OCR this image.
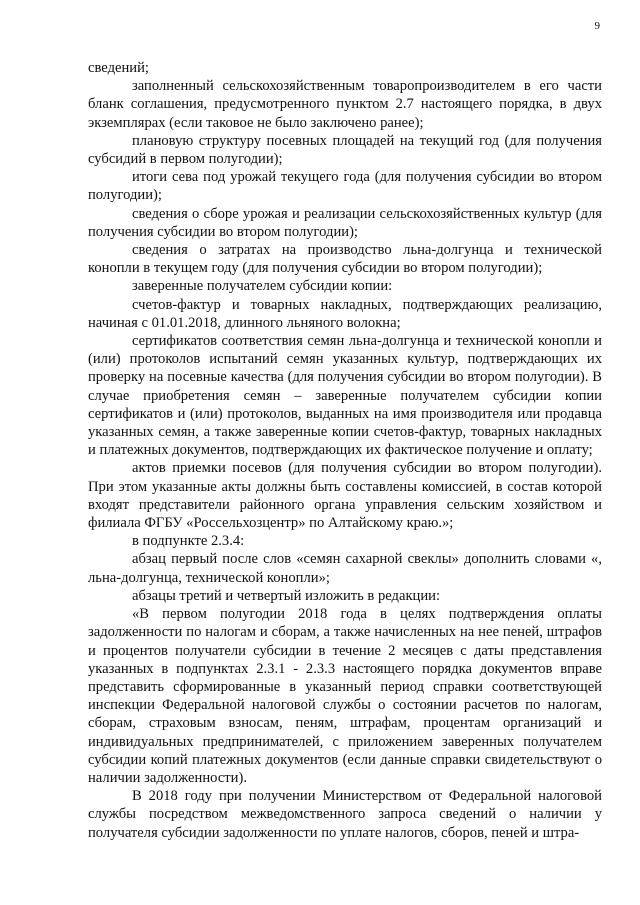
9

сведений;

заполненный сельскохозяйственным товаропроизводителем в его части бланк соглашения, предусмотренного пунктом 2.7 настоящего порядка, в двух экземплярах (если таковое не было заключено ранее);

плановую структуру посевных площадей на текущий год (для получения субсидий в первом полугодии);

итоги сева под урожай текущего года (для получения субсидии во втором полугодии);

сведения о сборе урожая и реализации сельскохозяйственных культур (для получения субсидии во втором полугодии);

сведения о затратах на производство льна-долгунца и технической конопли в текущем году (для получения субсидии во втором полугодии);

заверенные получателем субсидии копии:

счетов-фактур и товарных накладных, подтверждающих реализацию, начиная с 01.01.2018, длинного льняного волокна;

сертификатов соответствия семян льна-долгунца и технической конопли и (или) протоколов испытаний семян указанных культур, подтверждающих их проверку на посевные качества (для получения субсидии во втором полугодии). В случае приобретения семян – заверенные получателем субсидии копии сертификатов и (или) протоколов, выданных на имя производителя или продавца указанных семян, а также заверенные копии счетов-фактур, товарных накладных и платежных документов, подтверждающих их фактическое получение и оплату;

актов приемки посевов (для получения субсидии во втором полугодии). При этом указанные акты должны быть составлены комиссией, в состав которой входят представители районного органа управления сельским хозяйством и филиала ФГБУ «Россельхозцентр» по Алтайскому краю.»;

в подпункте 2.3.4:

абзац первый после слов «семян сахарной свеклы» дополнить словами «, льна-долгунца, технической конопли»;

абзацы третий и четвертый изложить в редакции:

«В первом полугодии 2018 года в целях подтверждения оплаты задолженности по налогам и сборам, а также начисленных на нее пеней, штрафов и процентов получатели субсидии в течение 2 месяцев с даты представления указанных в подпунктах 2.3.1 - 2.3.3 настоящего порядка документов вправе представить сформированные в указанный период справки соответствующей инспекции Федеральной налоговой службы о состоянии расчетов по налогам, сборам, страховым взносам, пеням, штрафам, процентам организаций и индивидуальных предпринимателей, с приложением заверенных получателем субсидии копий платежных документов (если данные справки свидетельствуют о наличии задолженности).

В 2018 году при получении Министерством от Федеральной налоговой службы посредством межведомственного запроса сведений о наличии у получателя субсидии задолженности по уплате налогов, сборов, пеней и штра-
